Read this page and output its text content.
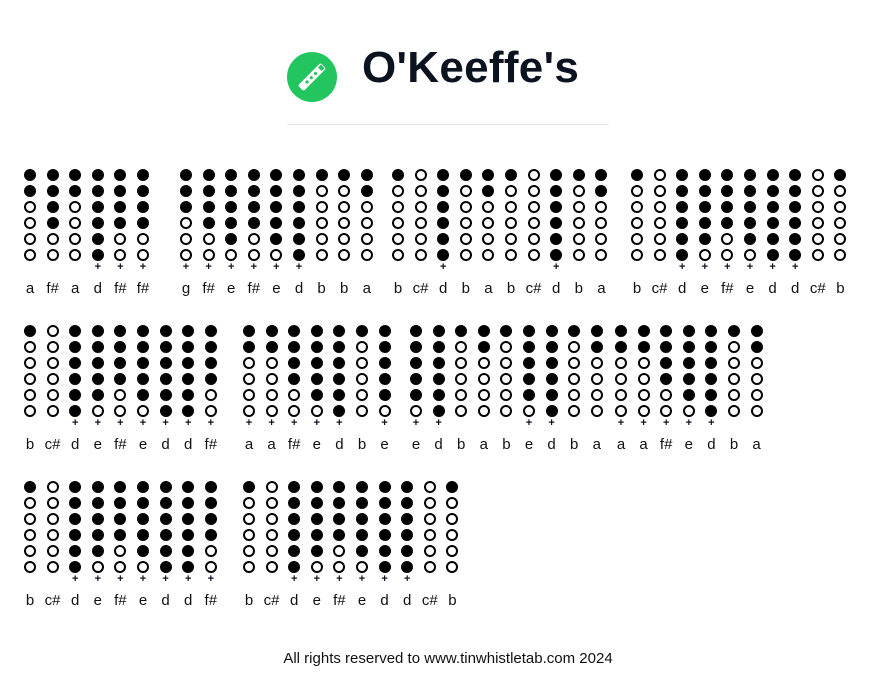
O'Keeffe's
a f# a
+
d
+
f#
+
f#
+
g
+
f#
+
e
+
f#
+
e
+
d b b a	b c#
+
d b a b c#
+
d b a	b c#
+
d
+
e
+
f#
+
e
+
d
+
d c# b
b c#
+
d
+
e
+
f#
+
e
+
d
+
d
+
f#
+
a
+
a
+
f#
+
e
+
d b
+
e
+
e
+
d b a b
+
e
+
d b a
+
a
+
a
+
f#
+
e
+
d b a
b c#
+
d
+
e
+
f#
+
e
+
d
+
d
+
f#	b c#
+
d
+
e
+
f#
+
e
+
d
+
d c# b
All rights reserved to www.tinwhistletab.com 2024
